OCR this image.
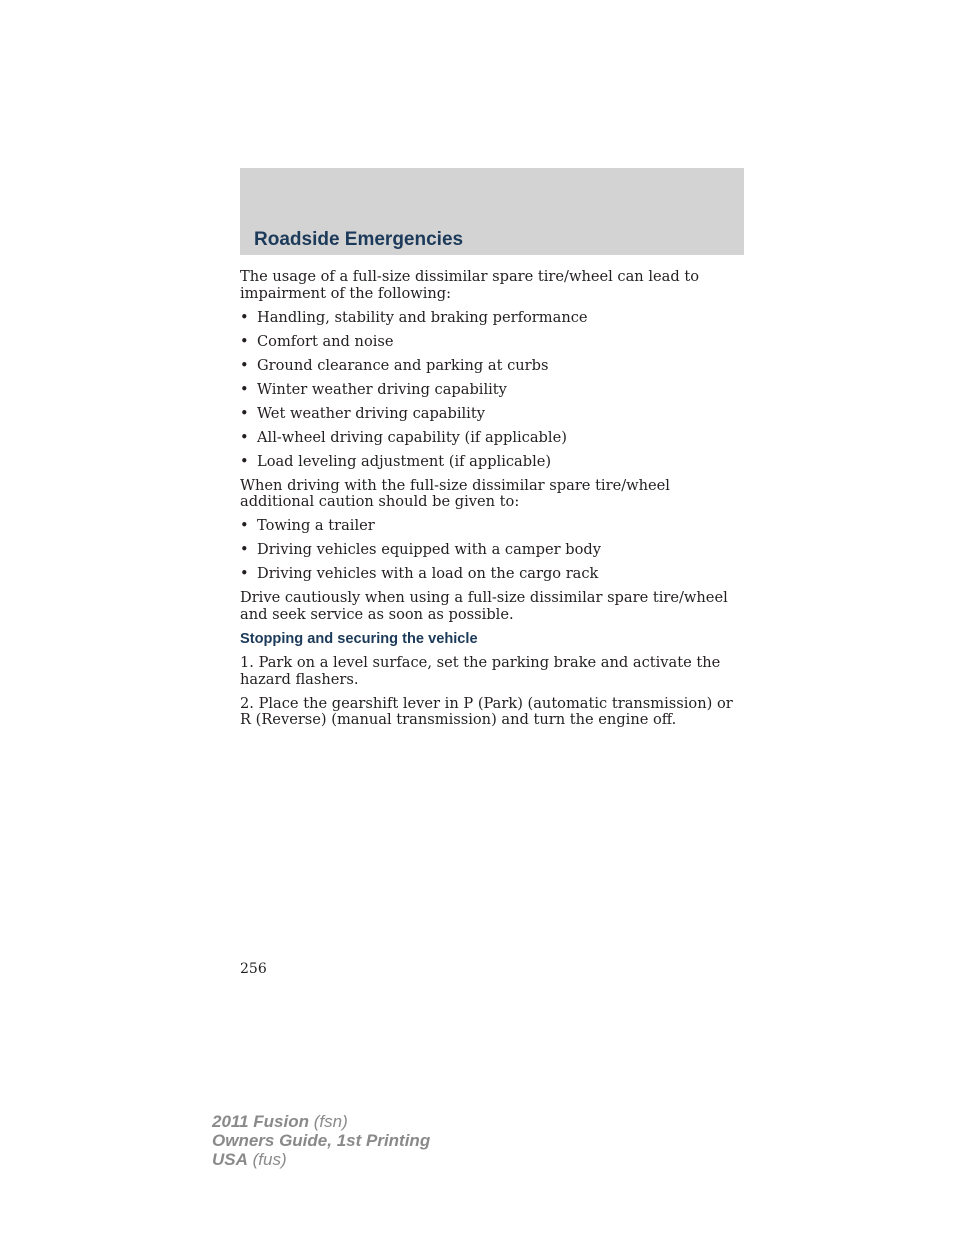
Roadside Emergencies

The usage of a full-size dissimilar spare tire/wheel can lead to impairment of the following:

• Handling, stability and braking performance
• Comfort and noise
• Ground clearance and parking at curbs
• Winter weather driving capability
• Wet weather driving capability
• All-wheel driving capability (if applicable)
• Load leveling adjustment (if applicable)

When driving with the full-size dissimilar spare tire/wheel additional caution should be given to:

• Towing a trailer
• Driving vehicles equipped with a camper body
• Driving vehicles with a load on the cargo rack

Drive cautiously when using a full-size dissimilar spare tire/wheel and seek service as soon as possible.

Stopping and securing the vehicle

1. Park on a level surface, set the parking brake and activate the hazard flashers.

2. Place the gearshift lever in P (Park) (automatic transmission) or R (Reverse) (manual transmission) and turn the engine off.

256
2011 Fusion (fsn)
Owners Guide, 1st Printing
USA (fus)
